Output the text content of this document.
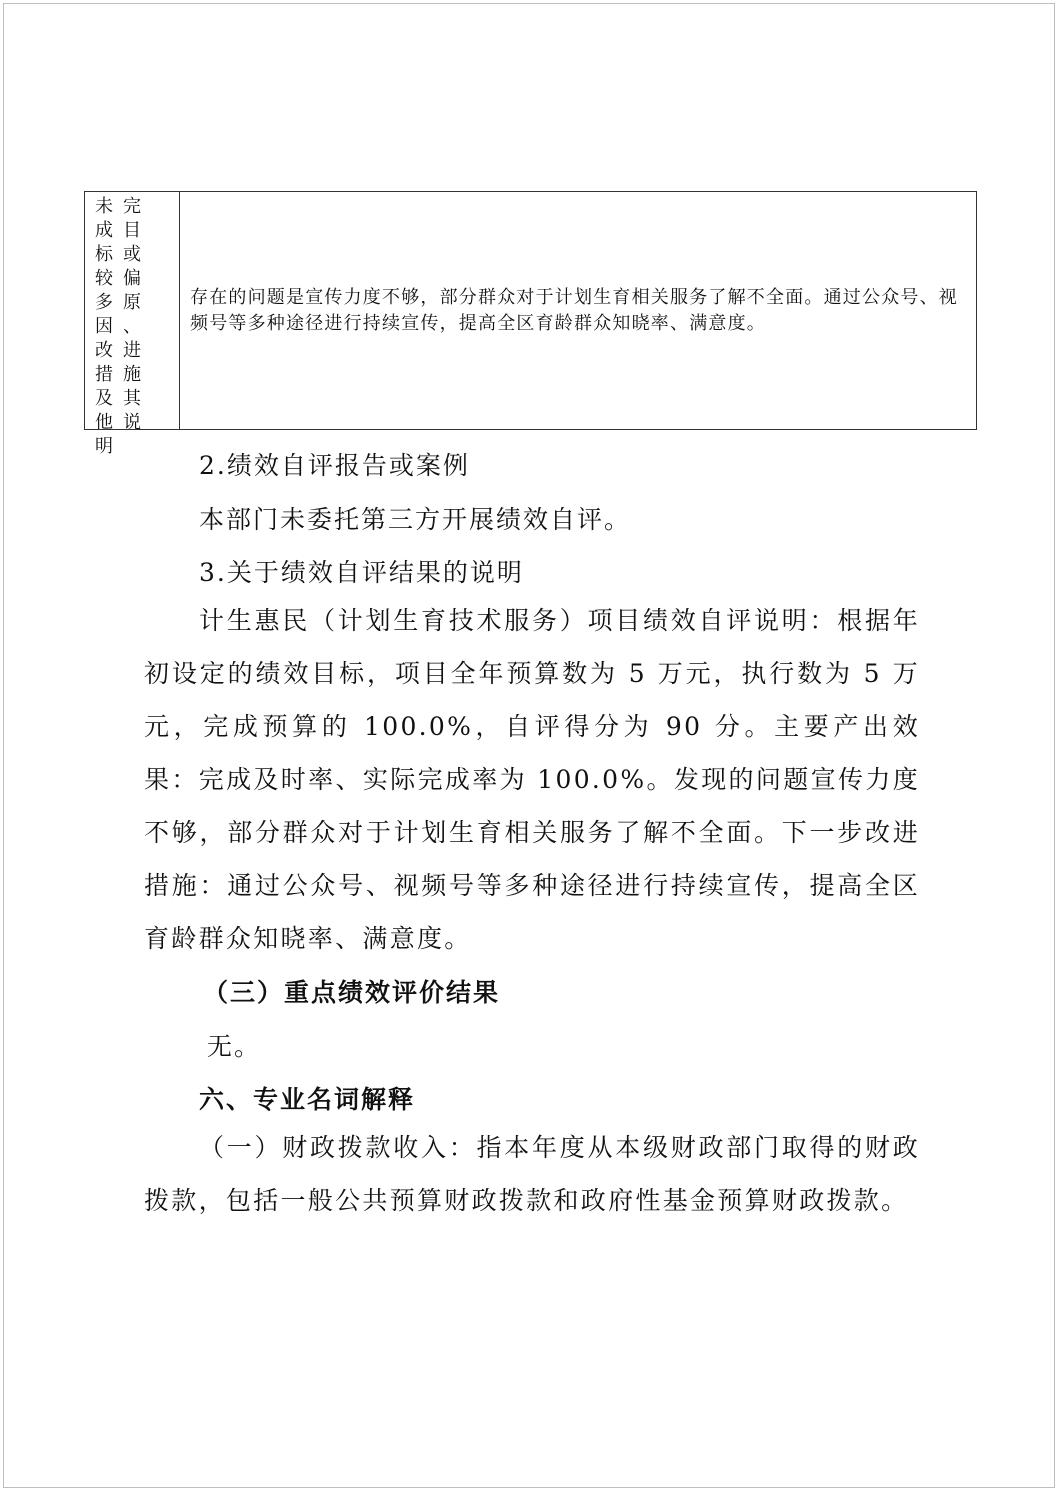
未完成目标或较偏多原因、改进措施及其他说明

存在的问题是宣传力度不够，部分群众对于计划生育相关服务了解不全面。通过公众号、视频号等多种途径进行持续宣传，提高全区育龄群众知晓率、满意度。

2.绩效自评报告或案例

本部门未委托第三方开展绩效自评。

3.关于绩效自评结果的说明

计生惠民（计划生育技术服务）项目绩效自评说明：根据年初设定的绩效目标，项目全年预算数为 5 万元，执行数为 5 万元，完成预算的 100.0%，自评得分为 90 分。主要产出效果：完成及时率、实际完成率为 100.0%。发现的问题宣传力度不够，部分群众对于计划生育相关服务了解不全面。下一步改进措施：通过公众号、视频号等多种途径进行持续宣传，提高全区育龄群众知晓率、满意度。

（三）重点绩效评价结果

无。

六、专业名词解释

（一）财政拨款收入：指本年度从本级财政部门取得的财政拨款，包括一般公共预算财政拨款和政府性基金预算财政拨款。
